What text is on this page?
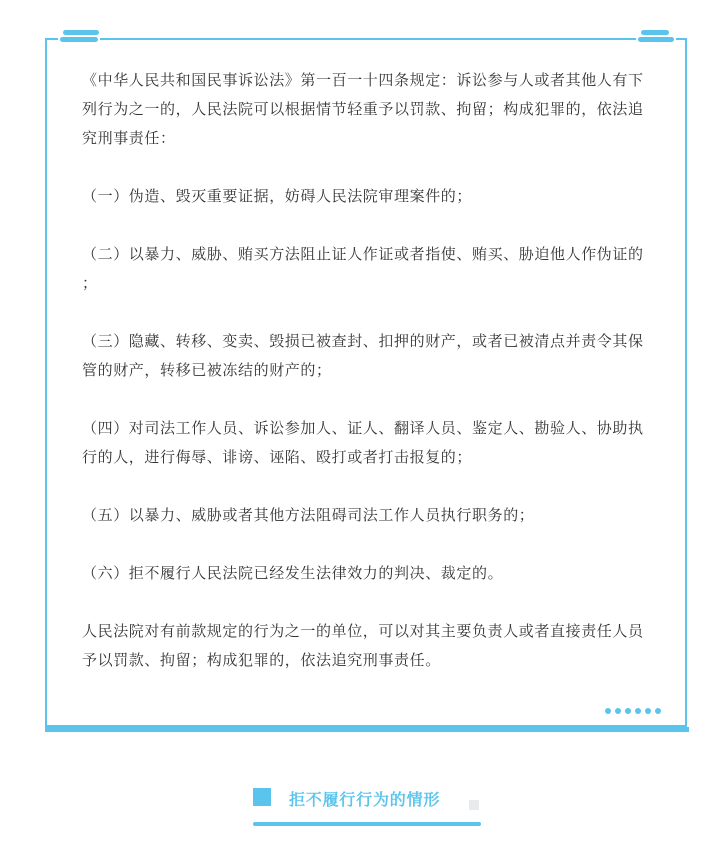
《中华人民共和国民事诉讼法》第一百一十四条规定：诉讼参与人或者其他人有下列行为之一的，人民法院可以根据情节轻重予以罚款、拘留；构成犯罪的，依法追究刑事责任：

（一）伪造、毁灭重要证据，妨碍人民法院审理案件的；

（二）以暴力、威胁、贿买方法阻止证人作证或者指使、贿买、胁迫他人作伪证的 ；

（三）隐藏、转移、变卖、毁损已被查封、扣押的财产，或者已被清点并责令其保管的财产，转移已被冻结的财产的；

（四）对司法工作人员、诉讼参加人、证人、翻译人员、鉴定人、勘验人、协助执行的人，进行侮辱、诽谤、诬陷、殴打或者打击报复的；

（五）以暴力、威胁或者其他方法阻碍司法工作人员执行职务的；

（六）拒不履行人民法院已经发生法律效力的判决、裁定的。

人民法院对有前款规定的行为之一的单位，可以对其主要负责人或者直接责任人员予以罚款、拘留；构成犯罪的，依法追究刑事责任。

拒不履行行为的情形
